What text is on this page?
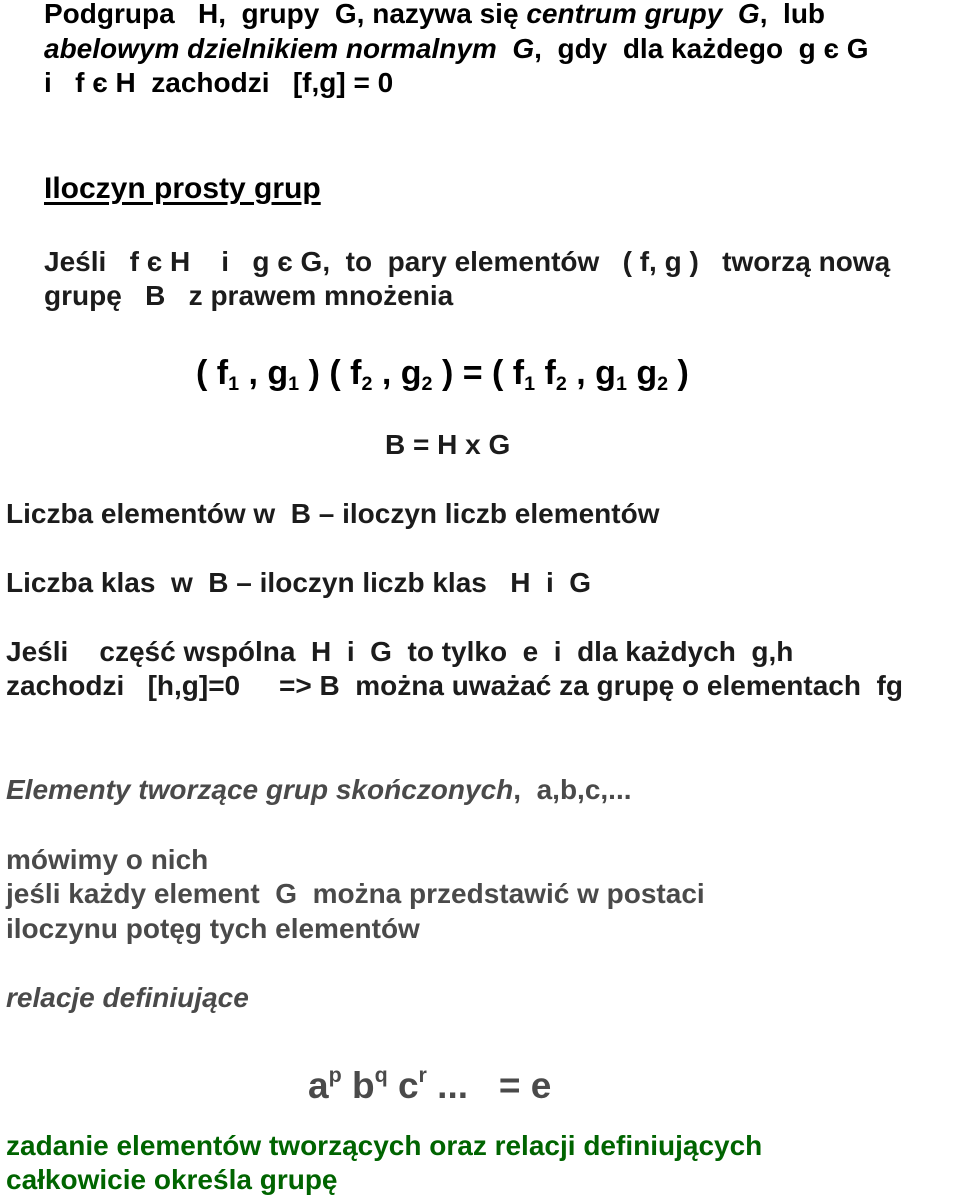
Podgrupa   H,  grupy  G, nazywa się centrum grupy  G,  lub
abelowym dzielnikiem normalnym  G,  gdy  dla każdego  g є G
i   f є H  zachodzi   [f,g] = 0
Iloczyn prosty grup
Jeśli   f є H    i   g є G,  to  pary elementów   ( f, g )   tworzą nową
grupę   B   z prawem mnożenia
( $f_1$ , $g_1$ ) ( $f_2$ , $g_2$ ) = ( $f_1$ $f_2$ , $g_1$ $g_2$ )
B = H x G
Liczba elementów w  B – iloczyn liczb elementów
Liczba klas  w  B – iloczyn liczb klas   H  i  G
Jeśli    część wspólna  H  i  G  to tylko  e  i  dla każdych  g,h
zachodzi   [h,g]=0     => B  można uważać za grupę o elementach  fg
Elementy tworzące grup skończonych,  a,b,c,...
mówimy o nich
jeśli każdy element  G  można przedstawić w postaci
iloczynu potęg tych elementów
relacje definiujące
$a^p$ $b^q$ $c^r$ ...   = e
zadanie elementów tworzących oraz relacji definiujących
całkowicie określa grupę
